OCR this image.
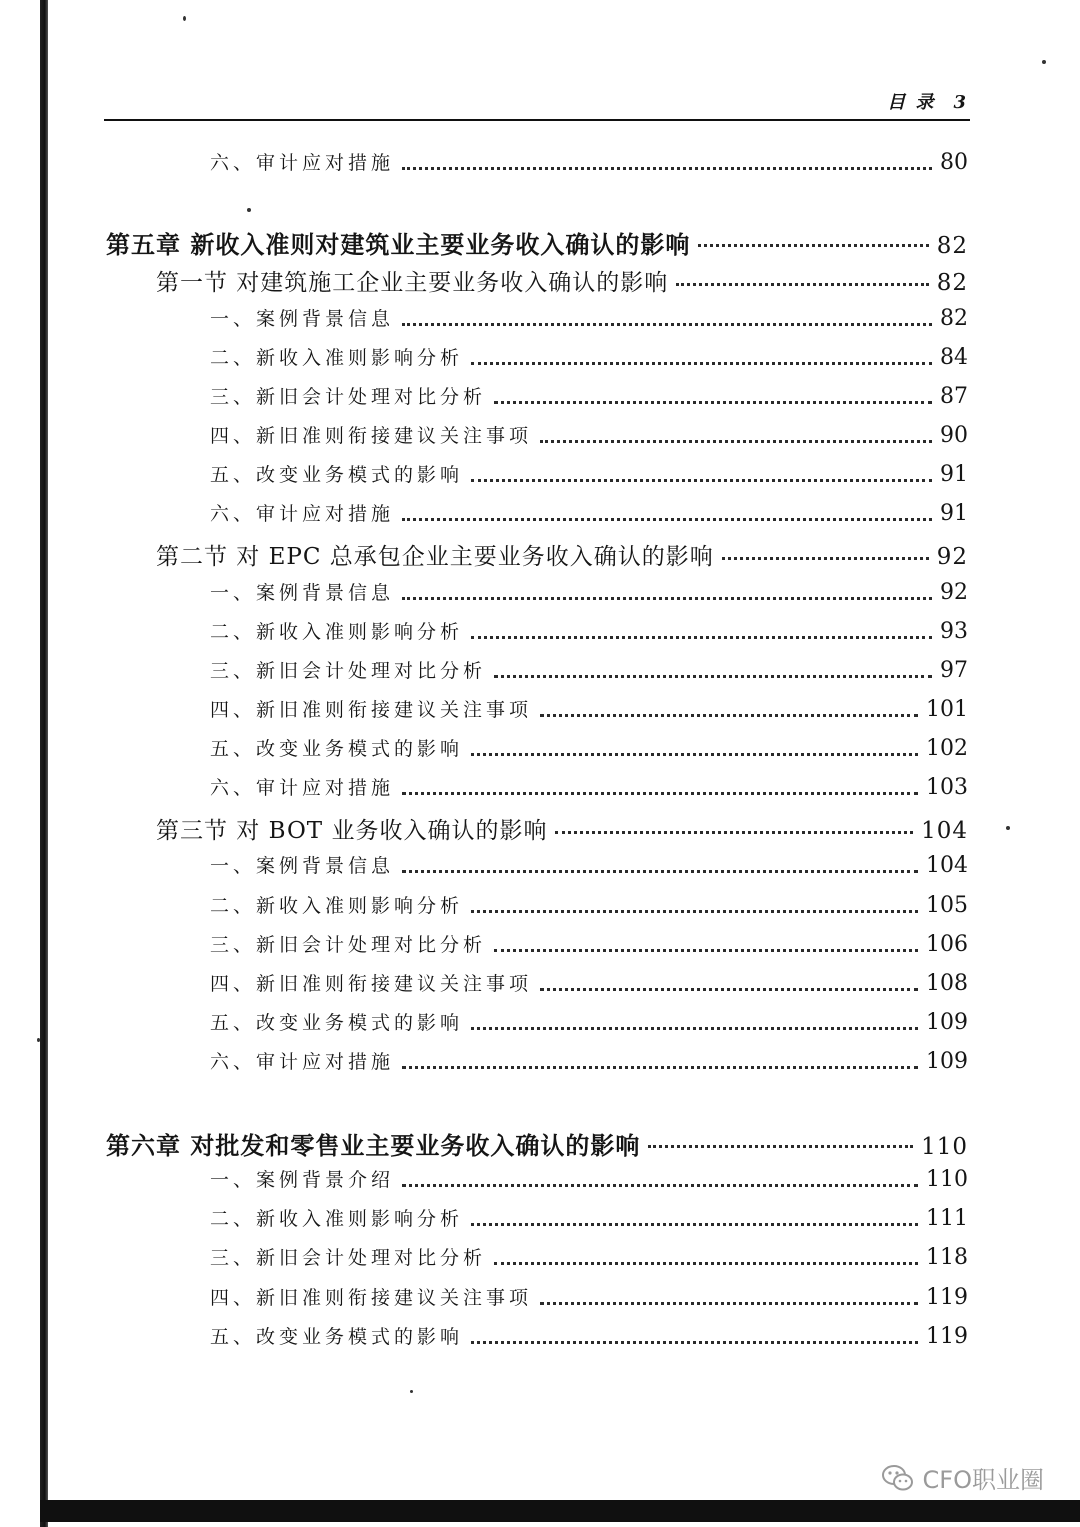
目 录 3
六、审计应对措施	80
第五章 新收入准则对建筑业主要业务收入确认的影响	82
第一节 对建筑施工企业主要业务收入确认的影响	82
一、案例背景信息	82
二、新收入准则影响分析	84
三、新旧会计处理对比分析	87
四、新旧准则衔接建议关注事项	90
五、改变业务模式的影响	91
六、审计应对措施	91
第二节 对 EPC 总承包企业主要业务收入确认的影响	92
一、案例背景信息	92
二、新收入准则影响分析	93
三、新旧会计处理对比分析	97
四、新旧准则衔接建议关注事项	101
五、改变业务模式的影响	102
六、审计应对措施	103
第三节 对 BOT 业务收入确认的影响	104
一、案例背景信息	104
二、新收入准则影响分析	105
三、新旧会计处理对比分析	106
四、新旧准则衔接建议关注事项	108
五、改变业务模式的影响	109
六、审计应对措施	109
第六章 对批发和零售业主要业务收入确认的影响	110
一、案例背景介绍	110
二、新收入准则影响分析	111
三、新旧会计处理对比分析	118
四、新旧准则衔接建议关注事项	119
五、改变业务模式的影响	119
CFO职业圈
